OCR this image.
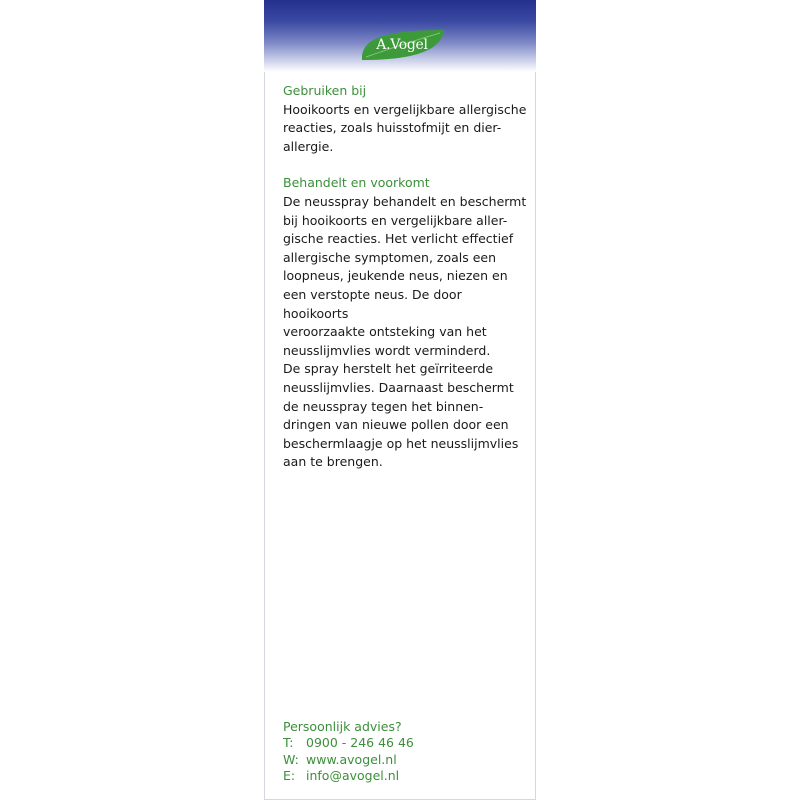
A.Vogel

Gebruiken bij

Hooikoorts en vergelijkbare allergische
reacties, zoals huisstofmijt en dier-
allergie.

Behandelt en voorkomt

De neusspray behandelt en beschermt
bij hooikoorts en vergelijkbare aller-
gische reacties. Het verlicht effectief
allergische symptomen, zoals een
loopneus, jeukende neus, niezen en
een verstopte neus. De door hooikoorts
veroorzaakte ontsteking van het
neusslijmvlies wordt verminderd.
De spray herstelt het geïrriteerde
neusslijmvlies. Daarnaast beschermt
de neusspray tegen het binnen-
dringen van nieuwe pollen door een
beschermlaagje op het neusslijmvlies
aan te brengen.

Persoonlijk advies?
T: 0900 - 246 46 46
W: www.avogel.nl
E: info@avogel.nl
